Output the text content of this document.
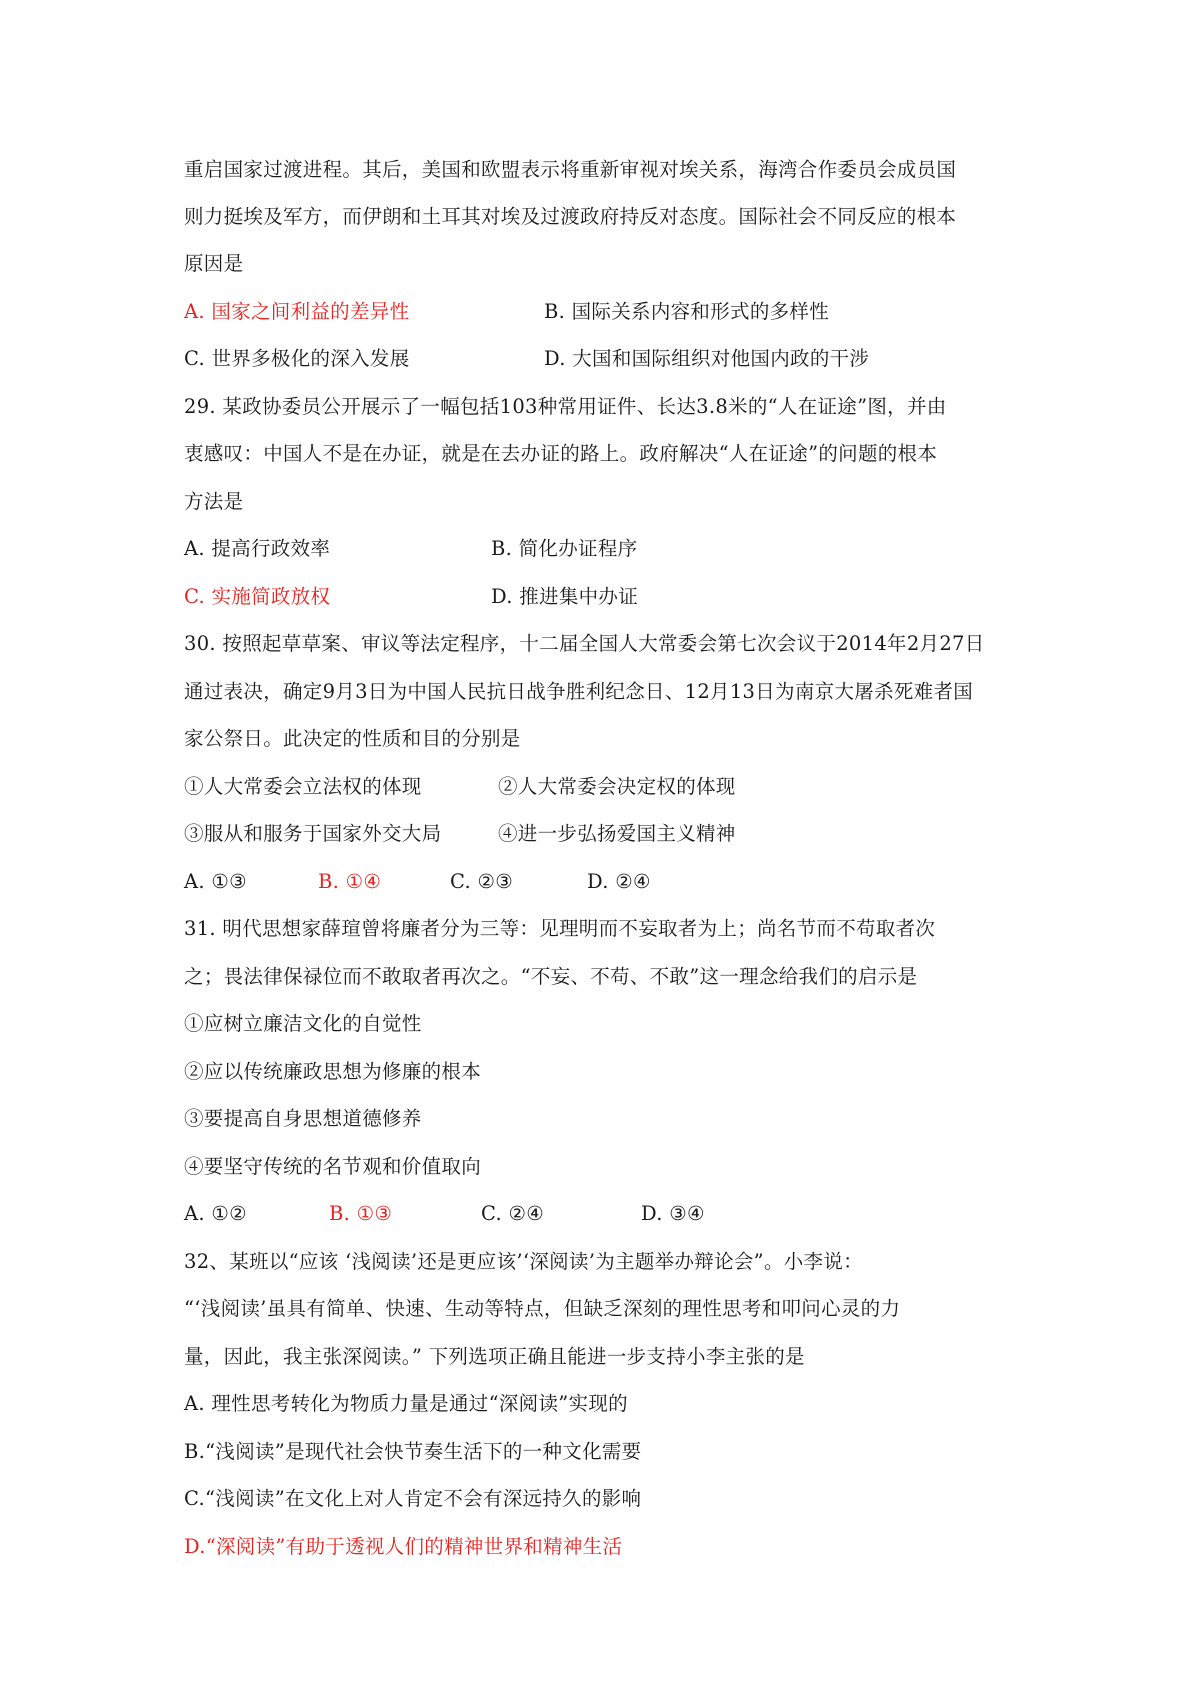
重启国家过渡进程。其后，美国和欧盟表示将重新审视对埃关系，海湾合作委员会成员国
则力挺埃及军方，而伊朗和土耳其对埃及过渡政府持反对态度。国际社会不同反应的根本
原因是
A. 国家之间利益的差异性	B. 国际关系内容和形式的多样性
C. 世界多极化的深入发展	D. 大国和国际组织对他国内政的干涉
29. 某政协委员公开展示了一幅包括103种常用证件、长达3.8米的“人在证途”图，并由
衷感叹：中国人不是在办证，就是在去办证的路上。政府解决“人在证途”的问题的根本
方法是
A. 提高行政效率	B. 简化办证程序
C. 实施简政放权	D. 推进集中办证
30. 按照起草草案、审议等法定程序，十二届全国人大常委会第七次会议于2014年2月27日
通过表决，确定9月3日为中国人民抗日战争胜利纪念日、12月13日为南京大屠杀死难者国
家公祭日。此决定的性质和目的分别是
①人大常委会立法权的体现	②人大常委会决定权的体现
③服从和服务于国家外交大局	④进一步弘扬爱国主义精神
A. ①③	B. ①④	C. ②③	D. ②④
31. 明代思想家薛瑄曾将廉者分为三等：见理明而不妄取者为上；尚名节而不苟取者次
之；畏法律保禄位而不敢取者再次之。“不妄、不苟、不敢”这一理念给我们的启示是
①应树立廉洁文化的自觉性
②应以传统廉政思想为修廉的根本
③要提高自身思想道德修养
④要坚守传统的名节观和价值取向
A. ①②	B. ①③	C. ②④	D. ③④
32、某班以“应该 ‘浅阅读’还是更应该’‘深阅读’为主题举办辩论会”。小李说：
“‘浅阅读’虽具有简单、快速、生动等特点，但缺乏深刻的理性思考和叩问心灵的力
量，因此，我主张深阅读。” 下列选项正确且能进一步支持小李主张的是
A. 理性思考转化为物质力量是通过“深阅读”实现的
B.“浅阅读”是现代社会快节奏生活下的一种文化需要
C.“浅阅读”在文化上对人肯定不会有深远持久的影响
D.“深阅读”有助于透视人们的精神世界和精神生活
